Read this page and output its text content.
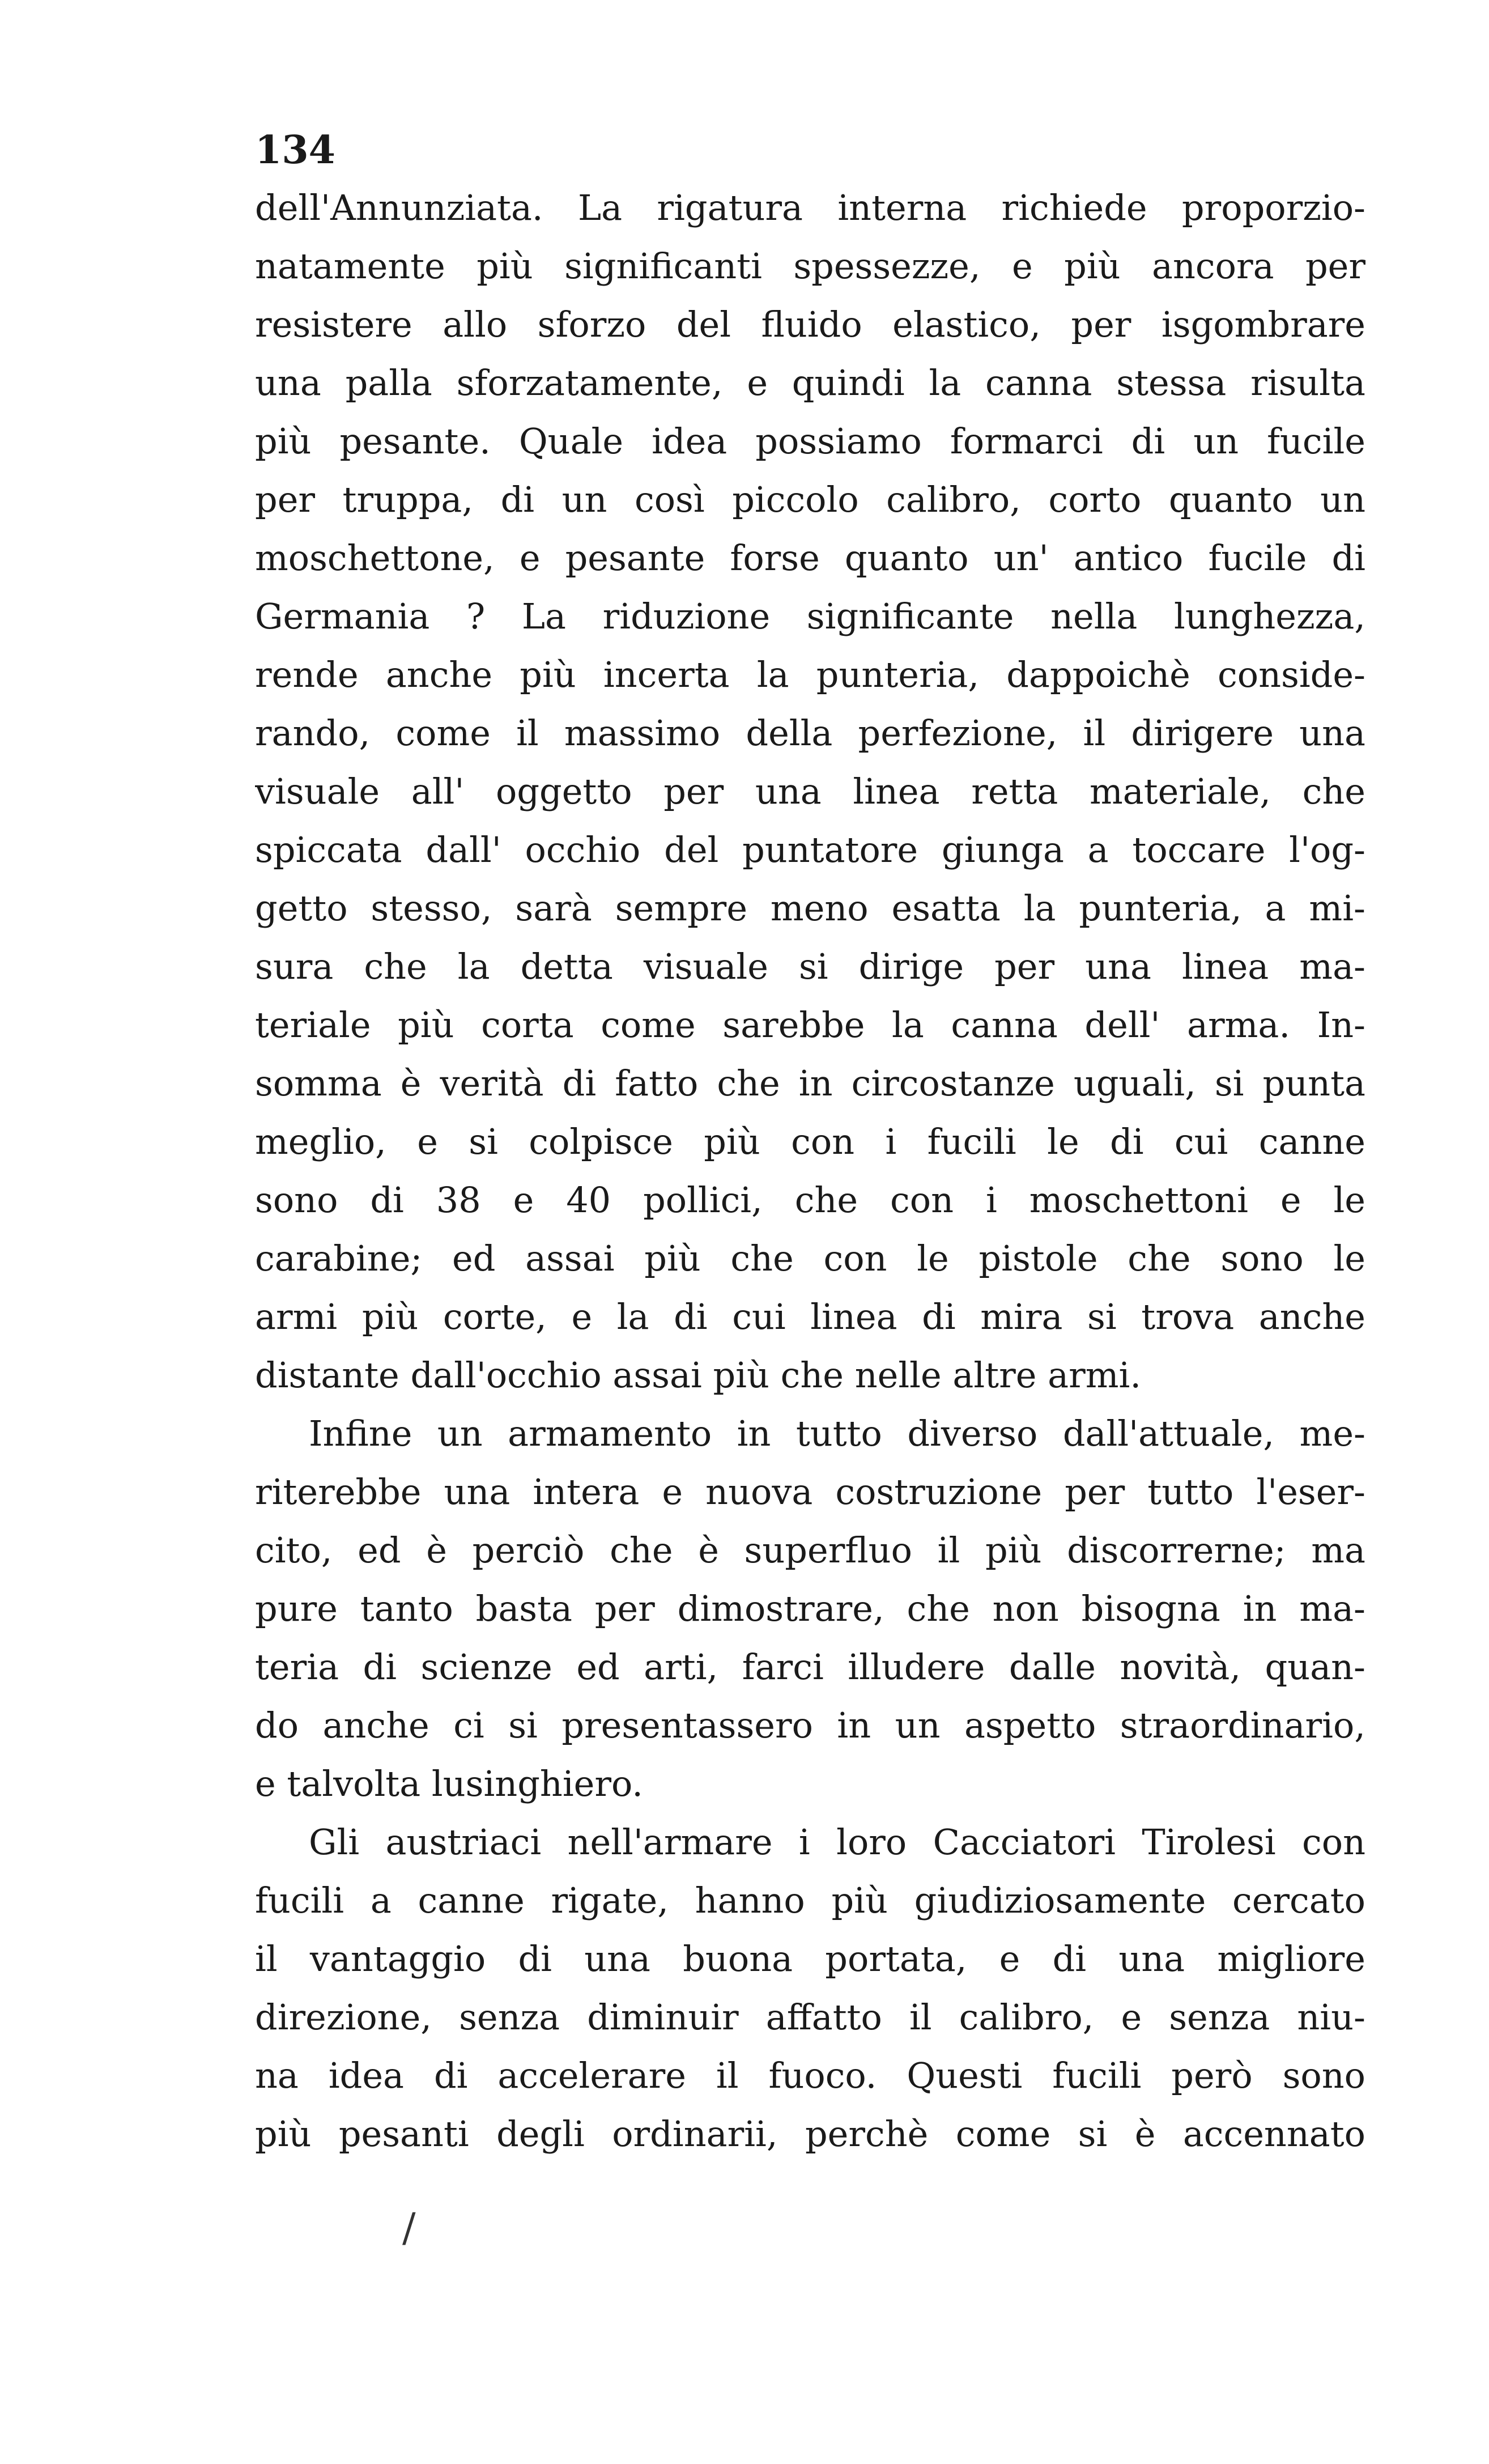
134
dell'Annunziata. La rigatura interna richiede proporzio-
natamente più significanti spessezze, e più ancora per
resistere allo sforzo del fluido elastico, per isgombrare
una palla sforzatamente, e quindi la canna stessa risulta
più pesante. Quale idea possiamo formarci di un fucile
per truppa, di un così piccolo calibro, corto quanto un
moschettone, e pesante forse quanto un' antico fucile di
Germania ? La riduzione significante nella lunghezza,
rende anche più incerta la punteria, dappoichè conside-
rando, come il massimo della perfezione, il dirigere una
visuale all' oggetto per una linea retta materiale, che
spiccata dall' occhio del puntatore giunga a toccare l'og-
getto stesso, sarà sempre meno esatta la punteria, a mi-
sura che la detta visuale si dirige per una linea ma-
teriale più corta come sarebbe la canna dell' arma. In-
somma è verità di fatto che in circostanze uguali, si punta
meglio, e si colpisce più con i fucili le di cui canne
sono di 38 e 40 pollici, che con i moschettoni e le
carabine; ed assai più che con le pistole che sono le
armi più corte, e la di cui linea di mira si trova anche
distante dall'occhio assai più che nelle altre armi.
Infine un armamento in tutto diverso dall'attuale, me-
riterebbe una intera e nuova costruzione per tutto l'eser-
cito, ed è perciò che è superfluo il più discorrerne; ma
pure tanto basta per dimostrare, che non bisogna in ma-
teria di scienze ed arti, farci illudere dalle novità, quan-
do anche ci si presentassero in un aspetto straordinario,
e talvolta lusinghiero.
Gli austriaci nell'armare i loro Cacciatori Tirolesi con
fucili a canne rigate, hanno più giudiziosamente cercato
il vantaggio di una buona portata, e di una migliore
direzione, senza diminuir affatto il calibro, e senza niu-
na idea di accelerare il fuoco. Questi fucili però sono
più pesanti degli ordinarii, perchè come si è accennato
/
